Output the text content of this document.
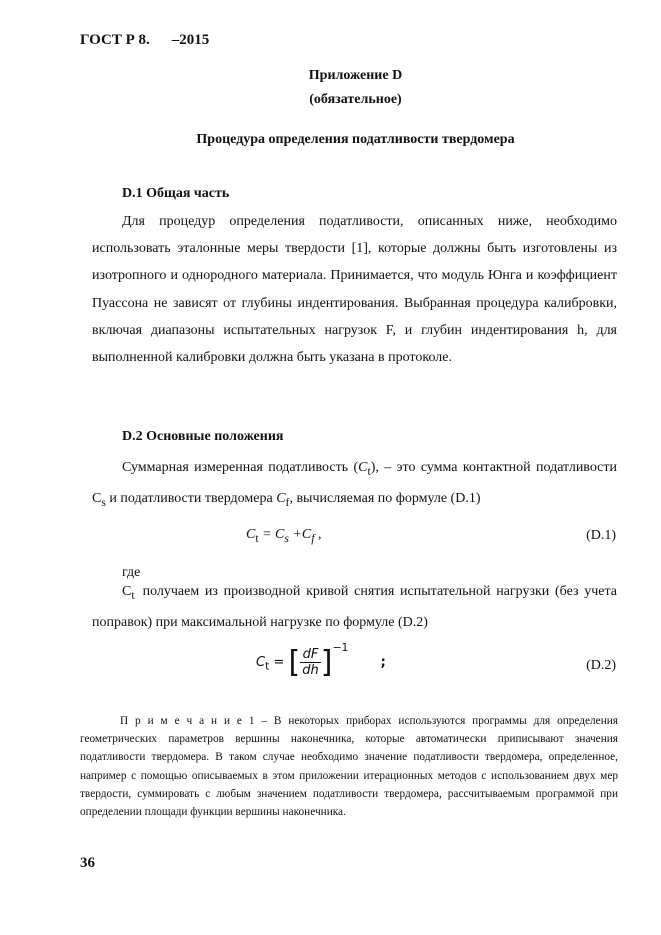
ГОСТ Р 8. –2015
Приложение D
(обязательное)
Процедура определения податливости твердомера
D.1 Общая часть
Для процедур определения податливости, описанных ниже, необходимо использовать эталонные меры твердости [1], которые должны быть изготовлены из изотропного и однородного материала. Принимается, что модуль Юнга и коэффициент Пуассона не зависят от глубины индентирования. Выбранная процедура калибровки, включая диапазоны испытательных нагрузок F, и глубин индентирования h, для выполненной калибровки должна быть указана в протоколе.
D.2 Основные положения
Суммарная измеренная податливость $(C_t)$, – это сумма контактной податливости $C_s$ и податливости твердомера $C_f$, вычисляемая по формуле (D.1)
$C_t = C_s +C_f$ ,	(D.1)
где
$C_t$ получаем из производной кривой снятия испытательной нагрузки (без учета поправок) при максимальной нагрузке по формуле (D.2)
$C_t$ = [ $\frac{dF}{dh} ]^{-1}$ ;	(D.2)
П р и м е ч а н и е 1 – В некоторых приборах используются программы для определения геометрических параметров вершины наконечника, которые автоматически приписывают значения податливости твердомера. В таком случае необходимо значение податливости твердомера, определенное, например с помощью описываемых в этом приложении итерационных методов с использованием двух мер твердости, суммировать с любым значением податливости твердомера, рассчитываемым программой при определении площади функции вершины наконечника.
36
